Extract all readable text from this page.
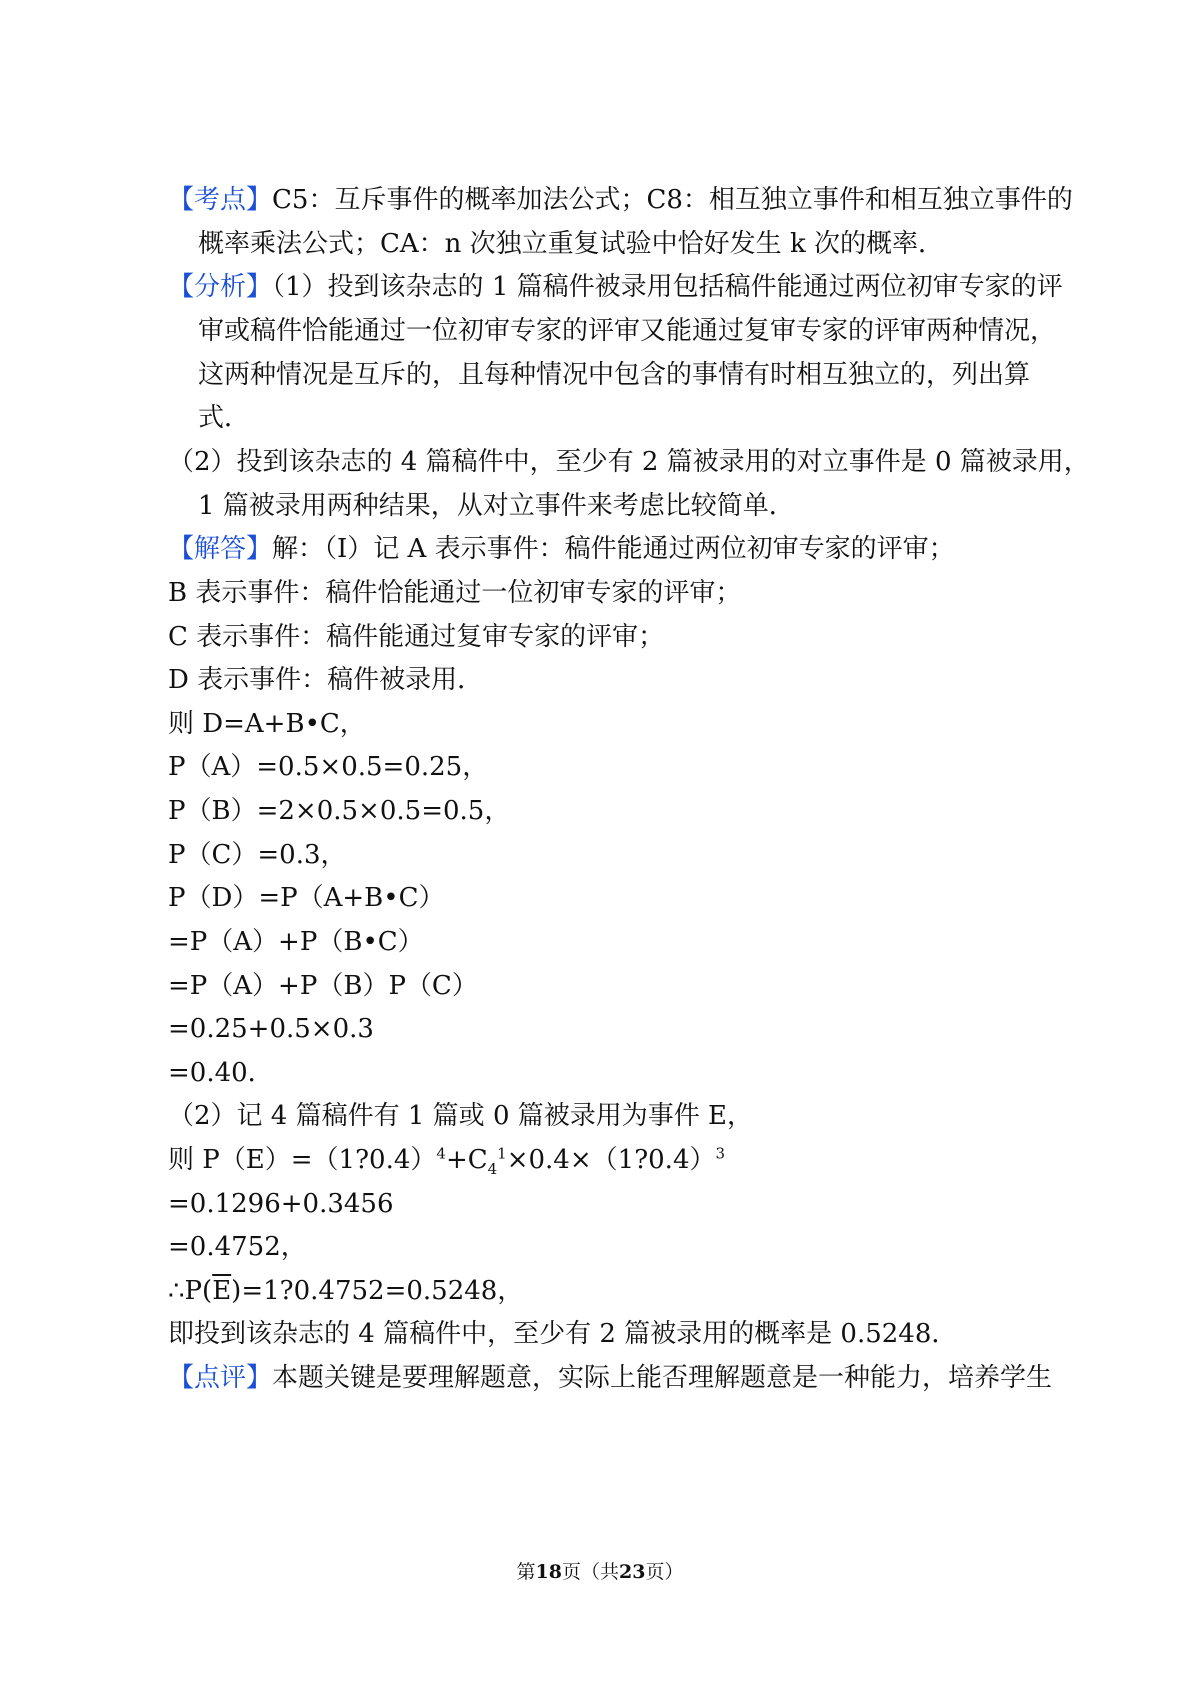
【考点】C5：互斥事件的概率加法公式；C8：相互独立事件和相互独立事件的
概率乘法公式；CA：n 次独立重复试验中恰好发生 k 次的概率．
【分析】（1）投到该杂志的 1 篇稿件被录用包括稿件能通过两位初审专家的评
审或稿件恰能通过一位初审专家的评审又能通过复审专家的评审两种情况，
这两种情况是互斥的，且每种情况中包含的事情有时相互独立的，列出算
式．
（2）投到该杂志的 4 篇稿件中，至少有 2 篇被录用的对立事件是 0 篇被录用，
1 篇被录用两种结果，从对立事件来考虑比较简单．
【解答】解：（Ⅰ）记 A 表示事件：稿件能通过两位初审专家的评审；
B 表示事件：稿件恰能通过一位初审专家的评审；
C 表示事件：稿件能通过复审专家的评审；
D 表示事件：稿件被录用．
则 D=A+B•C，
P（A）=0.5×0.5=0.25，
P（B）=2×0.5×0.5=0.5，
P（C）=0.3，
P（D）=P（A+B•C）
=P（A）+P（B•C）
=P（A）+P（B）P（C）
=0.25+0.5×0.3
=0.40．
（2）记 4 篇稿件有 1 篇或 0 篇被录用为事件 E，
则 $P(E)=(1?0.4)^4+C_4^1\times 0.4\times(1?0.4)^3$
=0.1296+0.3456
=0.4752，
$\therefore P(\overline{E})=1?0.4752=0.5248$，
即投到该杂志的 4 篇稿件中，至少有 2 篇被录用的概率是 0.5248．
【点评】本题关键是要理解题意，实际上能否理解题意是一种能力，培养学生
第18页（共23页）
